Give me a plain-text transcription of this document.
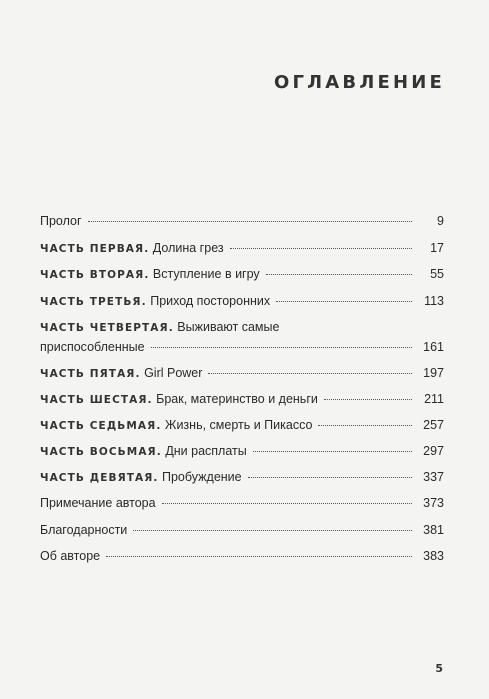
ОГЛАВЛЕНИЕ
Пролог	9
ЧАСТЬ ПЕРВАЯ. Долина грез	17
ЧАСТЬ ВТОРАЯ. Вступление в игру	55
ЧАСТЬ ТРЕТЬЯ. Приход посторонних	113
ЧАСТЬ ЧЕТВЕРТАЯ. Выживают самые
приспособленные	161
ЧАСТЬ ПЯТАЯ. Girl Power	197
ЧАСТЬ ШЕСТАЯ. Брак, материнство и деньги	211
ЧАСТЬ СЕДЬМАЯ. Жизнь, смерть и Пикассо	257
ЧАСТЬ ВОСЬМАЯ. Дни расплаты	297
ЧАСТЬ ДЕВЯТАЯ. Пробуждение	337
Примечание автора	373
Благодарности	381
Об авторе	383
5
